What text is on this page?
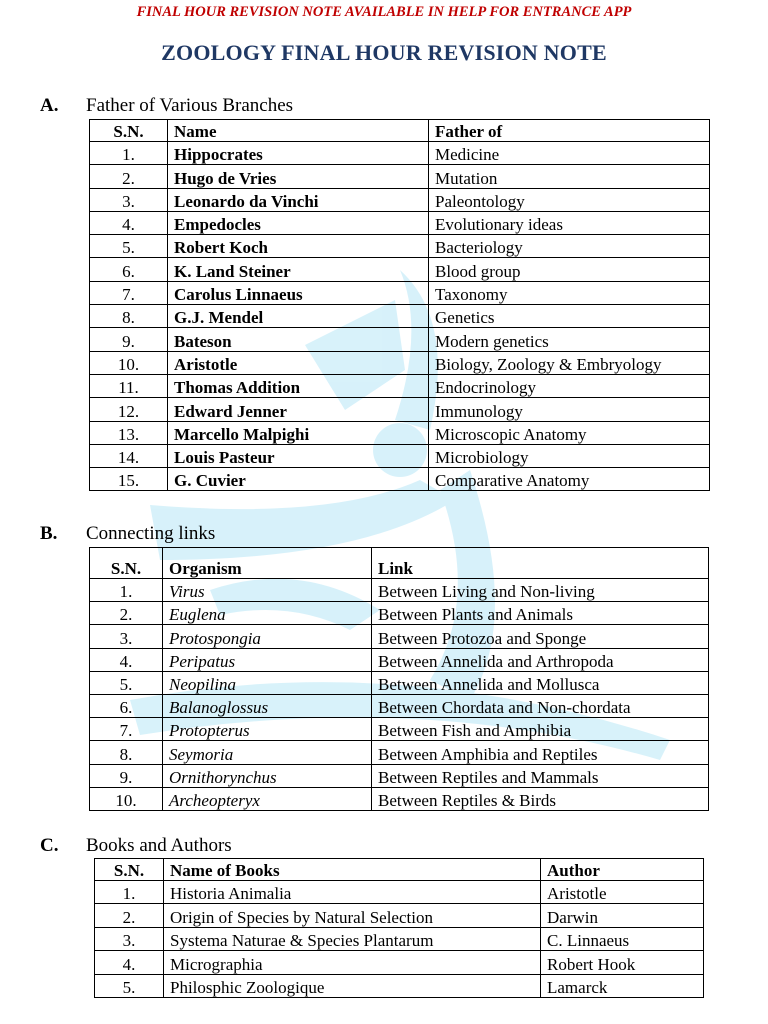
FINAL HOUR REVISION NOTE AVAILABLE IN HELP FOR ENTRANCE APP
ZOOLOGY FINAL HOUR REVISION NOTE
A. Father of Various Branches
S.N.	Name	Father of
1.	Hippocrates	Medicine
2.	Hugo de Vries	Mutation
3.	Leonardo da Vinchi	Paleontology
4.	Empedocles	Evolutionary ideas
5.	Robert Koch	Bacteriology
6.	K. Land Steiner	Blood group
7.	Carolus Linnaeus	Taxonomy
8.	G.J. Mendel	Genetics
9.	Bateson	Modern genetics
10.	Aristotle	Biology, Zoology & Embryology
11.	Thomas Addition	Endocrinology
12.	Edward Jenner	Immunology
13.	Marcello Malpighi	Microscopic Anatomy
14.	Louis Pasteur	Microbiology
15.	G. Cuvier	Comparative Anatomy
B. Connecting links
S.N.	Organism	Link
1.	Virus	Between Living and Non-living
2.	Euglena	Between Plants and Animals
3.	Protospongia	Between Protozoa and Sponge
4.	Peripatus	Between Annelida and Arthropoda
5.	Neopilina	Between Annelida and Mollusca
6.	Balanoglossus	Between Chordata and Non-chordata
7.	Protopterus	Between Fish and Amphibia
8.	Seymoria	Between Amphibia and Reptiles
9.	Ornithorynchus	Between Reptiles and Mammals
10.	Archeopteryx	Between Reptiles & Birds
C. Books and Authors
S.N.	Name of Books	Author
1.	Historia Animalia	Aristotle
2.	Origin of Species by Natural Selection	Darwin
3.	Systema Naturae & Species Plantarum	C. Linnaeus
4.	Micrographia	Robert Hook
5.	Philosphic Zoologique	Lamarck
